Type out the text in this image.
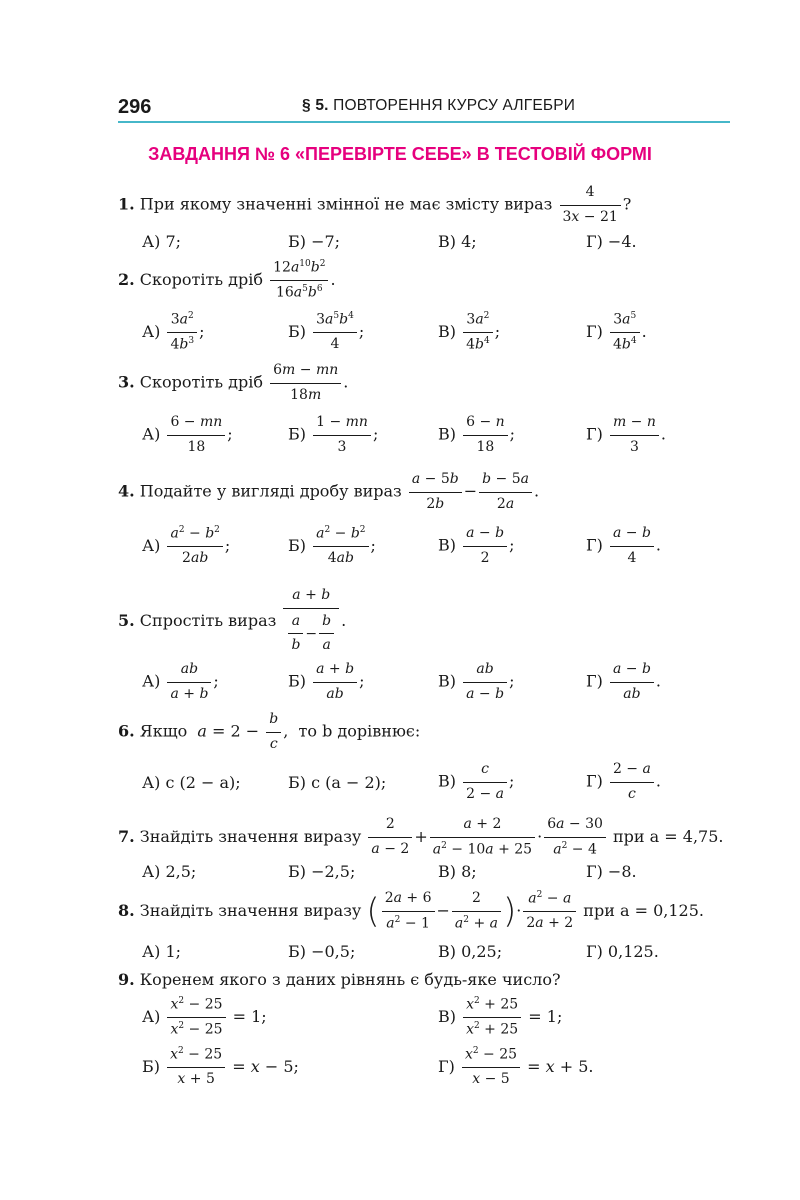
296	§ 5. ПОВТОРЕННЯ КУРСУ АЛГЕБРИ
ЗАВДАННЯ № 6 «ПЕРЕВІРТЕ СЕБЕ» В ТЕСТОВІЙ ФОРМІ
1. При якому значенні змінної не має змісту вираз $\frac{4}{3x - 21}$ ?
А) 7;	Б) −7;	В) 4;	Г) −4.
2. Скоротіть дріб $\frac{12a^{10}b^2}{16a^5b^6}$ .
$А) \frac{3a^2}{4b^3}$ ;	$Б) \frac{3a^5b^4}{4}$ ;	$В) \frac{3a^2}{4b^4}$ ;	$Г) \frac{3a^5}{4b^4}$ .
3. Скоротіть дріб $\frac{6m - mn}{18m}$ .
$А) \frac{6 - mn}{18}$ ;	$Б) \frac{1 - mn}{3}$ ;	$В) \frac{6 - n}{18}$ ;	$Г) \frac{m - n}{3}$ .
4. Подайте у вигляді дробу вираз $\frac{a - 5b}{2b} - \frac{b - 5a}{2a}$ .
$А) \frac{a^2 - b^2}{2ab}$ ;	$Б) \frac{a^2 - b^2}{4ab}$ ;	$В) \frac{a - b}{2}$ ;	$Г) \frac{a - b}{4}$ .
5. Спростіть вираз $\frac{a + b}{\frac{a}{b} - \frac{b}{a}}$ .
$А) \frac{ab}{a + b}$ ;	$Б) \frac{a + b}{ab}$ ;	$В) \frac{ab}{a - b}$ ;	$Г) \frac{a - b}{ab}$ .
6. Якщо $a = 2 - \frac{b}{c}$ ,  то b дорівнює:
А) c (2 − a);	Б) c (a − 2);	$В) \frac{c}{2 - a}$ ;	$Г) \frac{2 - a}{c}$ .
7. Знайдіть значення виразу $\frac{2}{a - 2} + \frac{a + 2}{a^2 - 10a + 25} \cdot \frac{6a - 30}{a^2 - 4}$ при a = 4,75.
А) 2,5;	Б) −2,5;	В) 8;	Г) −8.
8. Знайдіть значення виразу ( $\frac{2a + 6}{a^2 - 1} - \frac{2}{a^2 + a}$ )· $\frac{a^2 - a}{2a + 2}$ при a = 0,125.
А) 1;	Б) −0,5;	В) 0,25;	Г) 0,125.
9. Коренем якого з даних рівнянь є будь-яке число?
$А) \frac{x^2 - 25}{x^2 - 25} = 1$;	$В) \frac{x^2 + 25}{x^2 + 25} = 1$;
$Б) \frac{x^2 - 25}{x + 5} = x - 5$;	$Г) \frac{x^2 - 25}{x - 5} = x + 5$.
